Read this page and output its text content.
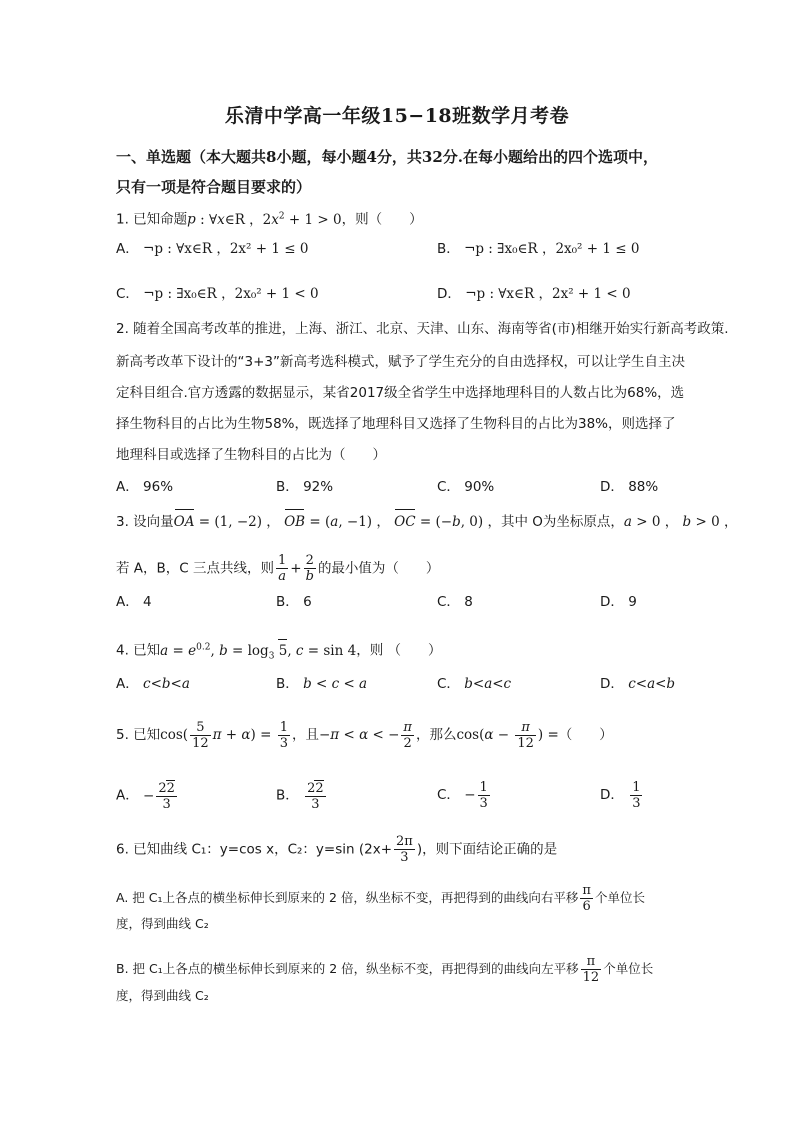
乐清中学高一年级15−18班数学月考卷
一、单选题（本大题共8小题，每小题4分，共32分.在每小题给出的四个选项中，
只有一项是符合题目要求的）
1. 已知命题p : ∀x∈R ，$2x^2 + 1 > 0$，则（　　）
A． ¬p : ∀x∈R ，2x² + 1 ≤ 0	B． ¬p : ∃x₀∈R ，2x₀² + 1 ≤ 0
C． ¬p : ∃x₀∈R ，2x₀² + 1 < 0	D． ¬p : ∀x∈R ，2x² + 1 < 0
2. 随着全国高考改革的推进，上海、浙江、北京、天津、山东、海南等省(市)相继开始实行新高考政策.
新高考改革下设计的“3+3”新高考选科模式，赋予了学生充分的自由选择权，可以让学生自主决
定科目组合.官方透露的数据显示，某省2017级全省学生中选择地理科目的人数占比为68%，选
择生物科目的占比为生物58%，既选择了地理科目又选择了生物科目的占比为38%，则选择了
地理科目或选择了生物科目的占比为（　　）
A． 96%	B． 92%	C． 90%	D． 88%
3. 设向量OA = (1, −2) ， OB = (a, −1) ， OC = (−b, 0) ，其中 O为坐标原点，a > 0 ， b > 0 ，
若 A，B，C 三点共线，则 $\frac{1}{a} + \frac{2}{b}$ 的最小值为（　　）
A． 4	B． 6	C． 8	D． 9
4. 已知$a = e^{0.2}$, $b = \log_3 5$, c = sin 4，则 （　　）
A． c<b<a	B． b < c < a	C． b<a<c	D． c<a<b
5. 已知$\cos( \frac{5}{12}$ $\pi + \alpha) = \frac{1}{3}$ ，且−π < α < − $\frac{\pi}{2}$ ，那么$\cos(\alpha - \frac{\pi}{12}$ ) =（　　）
A． − $\frac{22}{3}$	B． $\frac{22}{3}$	C． − $\frac{1}{3}$	D． $\frac{1}{3}$
6. 已知曲线 C₁：y=cos x，C₂：y=sin ($2x+ \frac{2\pi}{3}$ )，则下面结论正确的是
A. 把 C₁上各点的横坐标伸长到原来的 2 倍，纵坐标不变，再把得到的曲线向右平移 $\frac{\pi}{6}$ 个单位长
度，得到曲线 C₂
B. 把 C₁上各点的横坐标伸长到原来的 2 倍，纵坐标不变，再把得到的曲线向左平移 $\frac{\pi}{12}$ 个单位长
度，得到曲线 C₂
